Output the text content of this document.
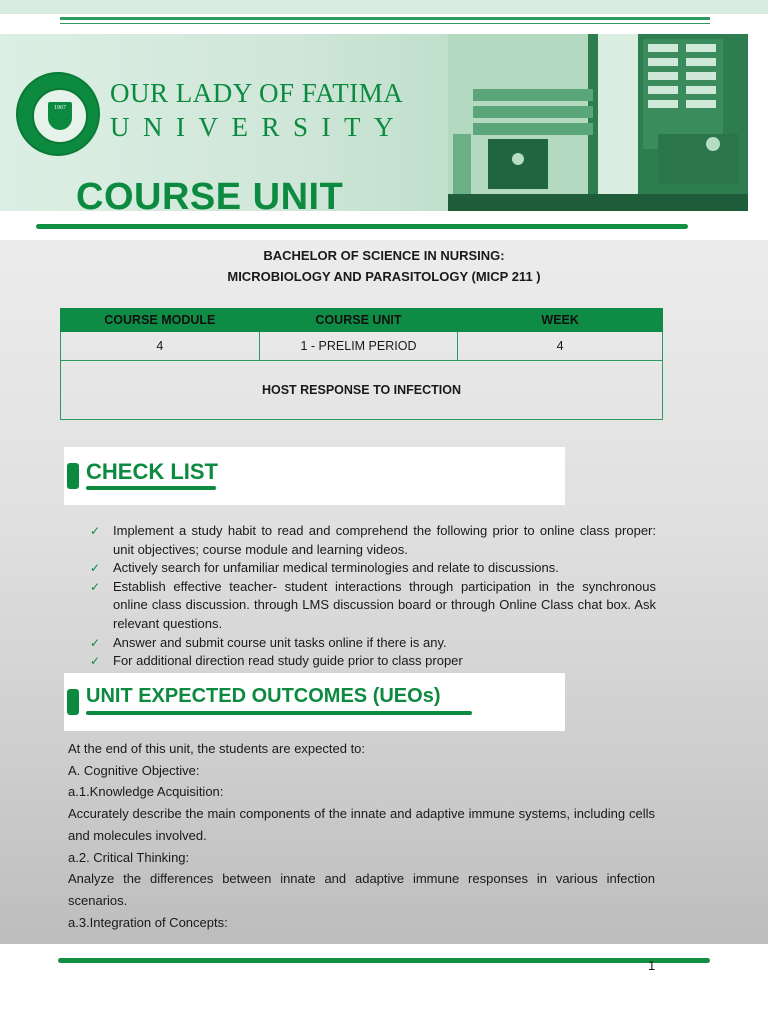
1967 OUR LADY OF FATIMA
UNIVERSITY
COURSE UNIT
BACHELOR OF SCIENCE IN NURSING:
MICROBIOLOGY AND PARASITOLOGY (MICP 211 )
COURSE MODULE	COURSE UNIT	WEEK
4	1 - PRELIM PERIOD	4
HOST RESPONSE TO INFECTION		
CHECK LIST
✓ Implement a study habit to read and comprehend the following prior to online class proper: unit objectives; course module and learning videos.
✓ Actively search for unfamiliar medical terminologies and relate to discussions.
✓ Establish effective teacher- student interactions through participation in the synchronous online class discussion. through LMS discussion board or through Online Class chat box. Ask relevant questions.
✓ Answer and submit course unit tasks online if there is any.
✓ For additional direction read study guide prior to class proper
UNIT EXPECTED OUTCOMES (UEOs)

At the end of this unit, the students are expected to:

A. Cognitive Objective:

a.1.Knowledge Acquisition:

Accurately describe the main components of the innate and adaptive immune systems, including cells and molecules involved.

a.2. Critical Thinking:

Analyze the differences between innate and adaptive immune responses in various infection scenarios.

a.3.Integration of Concepts:

1
